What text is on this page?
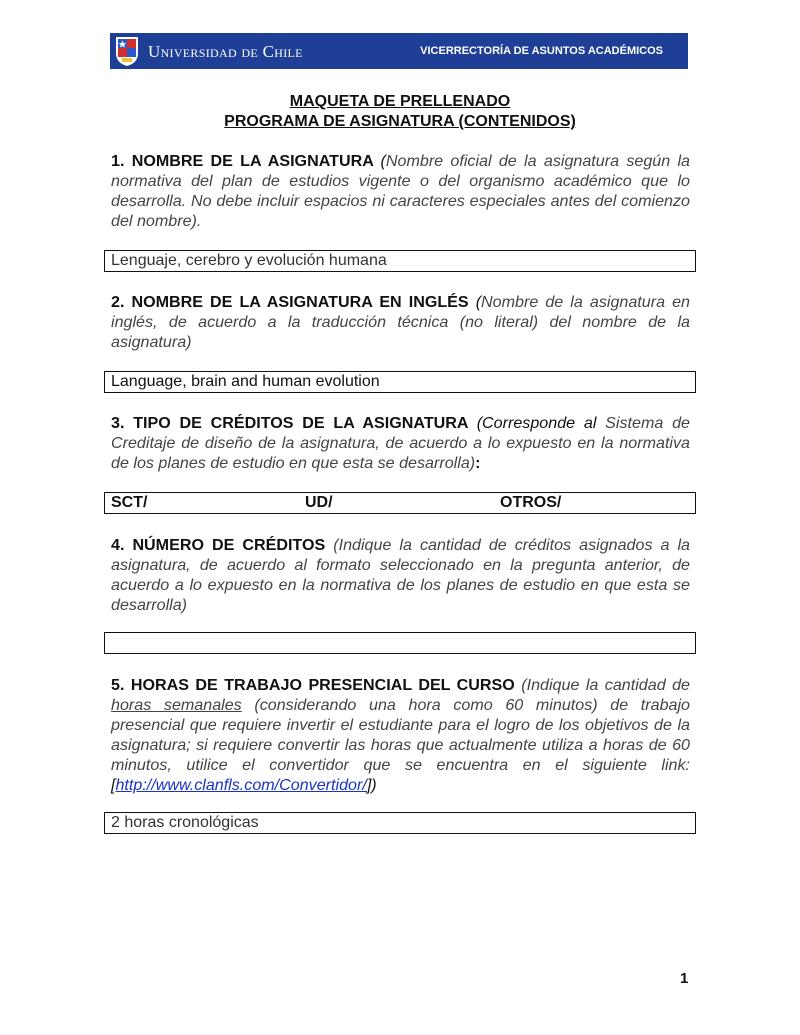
Universidad de Chile	VICERRECTORÍA DE ASUNTOS ACADÉMICOS
MAQUETA DE PRELLENADO
PROGRAMA DE ASIGNATURA (CONTENIDOS)
1. NOMBRE DE LA ASIGNATURA (Nombre oficial de la asignatura según la normativa del plan de estudios vigente o del organismo académico que lo desarrolla. No debe incluir espacios ni caracteres especiales antes del comienzo del nombre).
Lenguaje, cerebro y evolución humana
2. NOMBRE DE LA ASIGNATURA EN INGLÉS (Nombre de la asignatura en inglés, de acuerdo a la traducción técnica (no literal) del nombre de la asignatura)
Language, brain and human evolution
3. TIPO DE CRÉDITOS DE LA ASIGNATURA (Corresponde al Sistema de Creditaje de diseño de la asignatura, de acuerdo a lo expuesto en la normativa de los planes de estudio en que esta se desarrolla):
SCT/	UD/	OTROS/
4. NÚMERO DE CRÉDITOS (Indique la cantidad de créditos asignados a la asignatura, de acuerdo al formato seleccionado en la pregunta anterior, de acuerdo a lo expuesto en la normativa de los planes de estudio en que esta se desarrolla)
5. HORAS DE TRABAJO PRESENCIAL DEL CURSO (Indique la cantidad de horas semanales (considerando una hora como 60 minutos) de trabajo presencial que requiere invertir el estudiante para el logro de los objetivos de la asignatura; si requiere convertir las horas que actualmente utiliza a horas de 60 minutos, utilice el convertidor que se encuentra en el siguiente link: [http://www.clanfls.com/Convertidor/])
2 horas cronológicas
1
